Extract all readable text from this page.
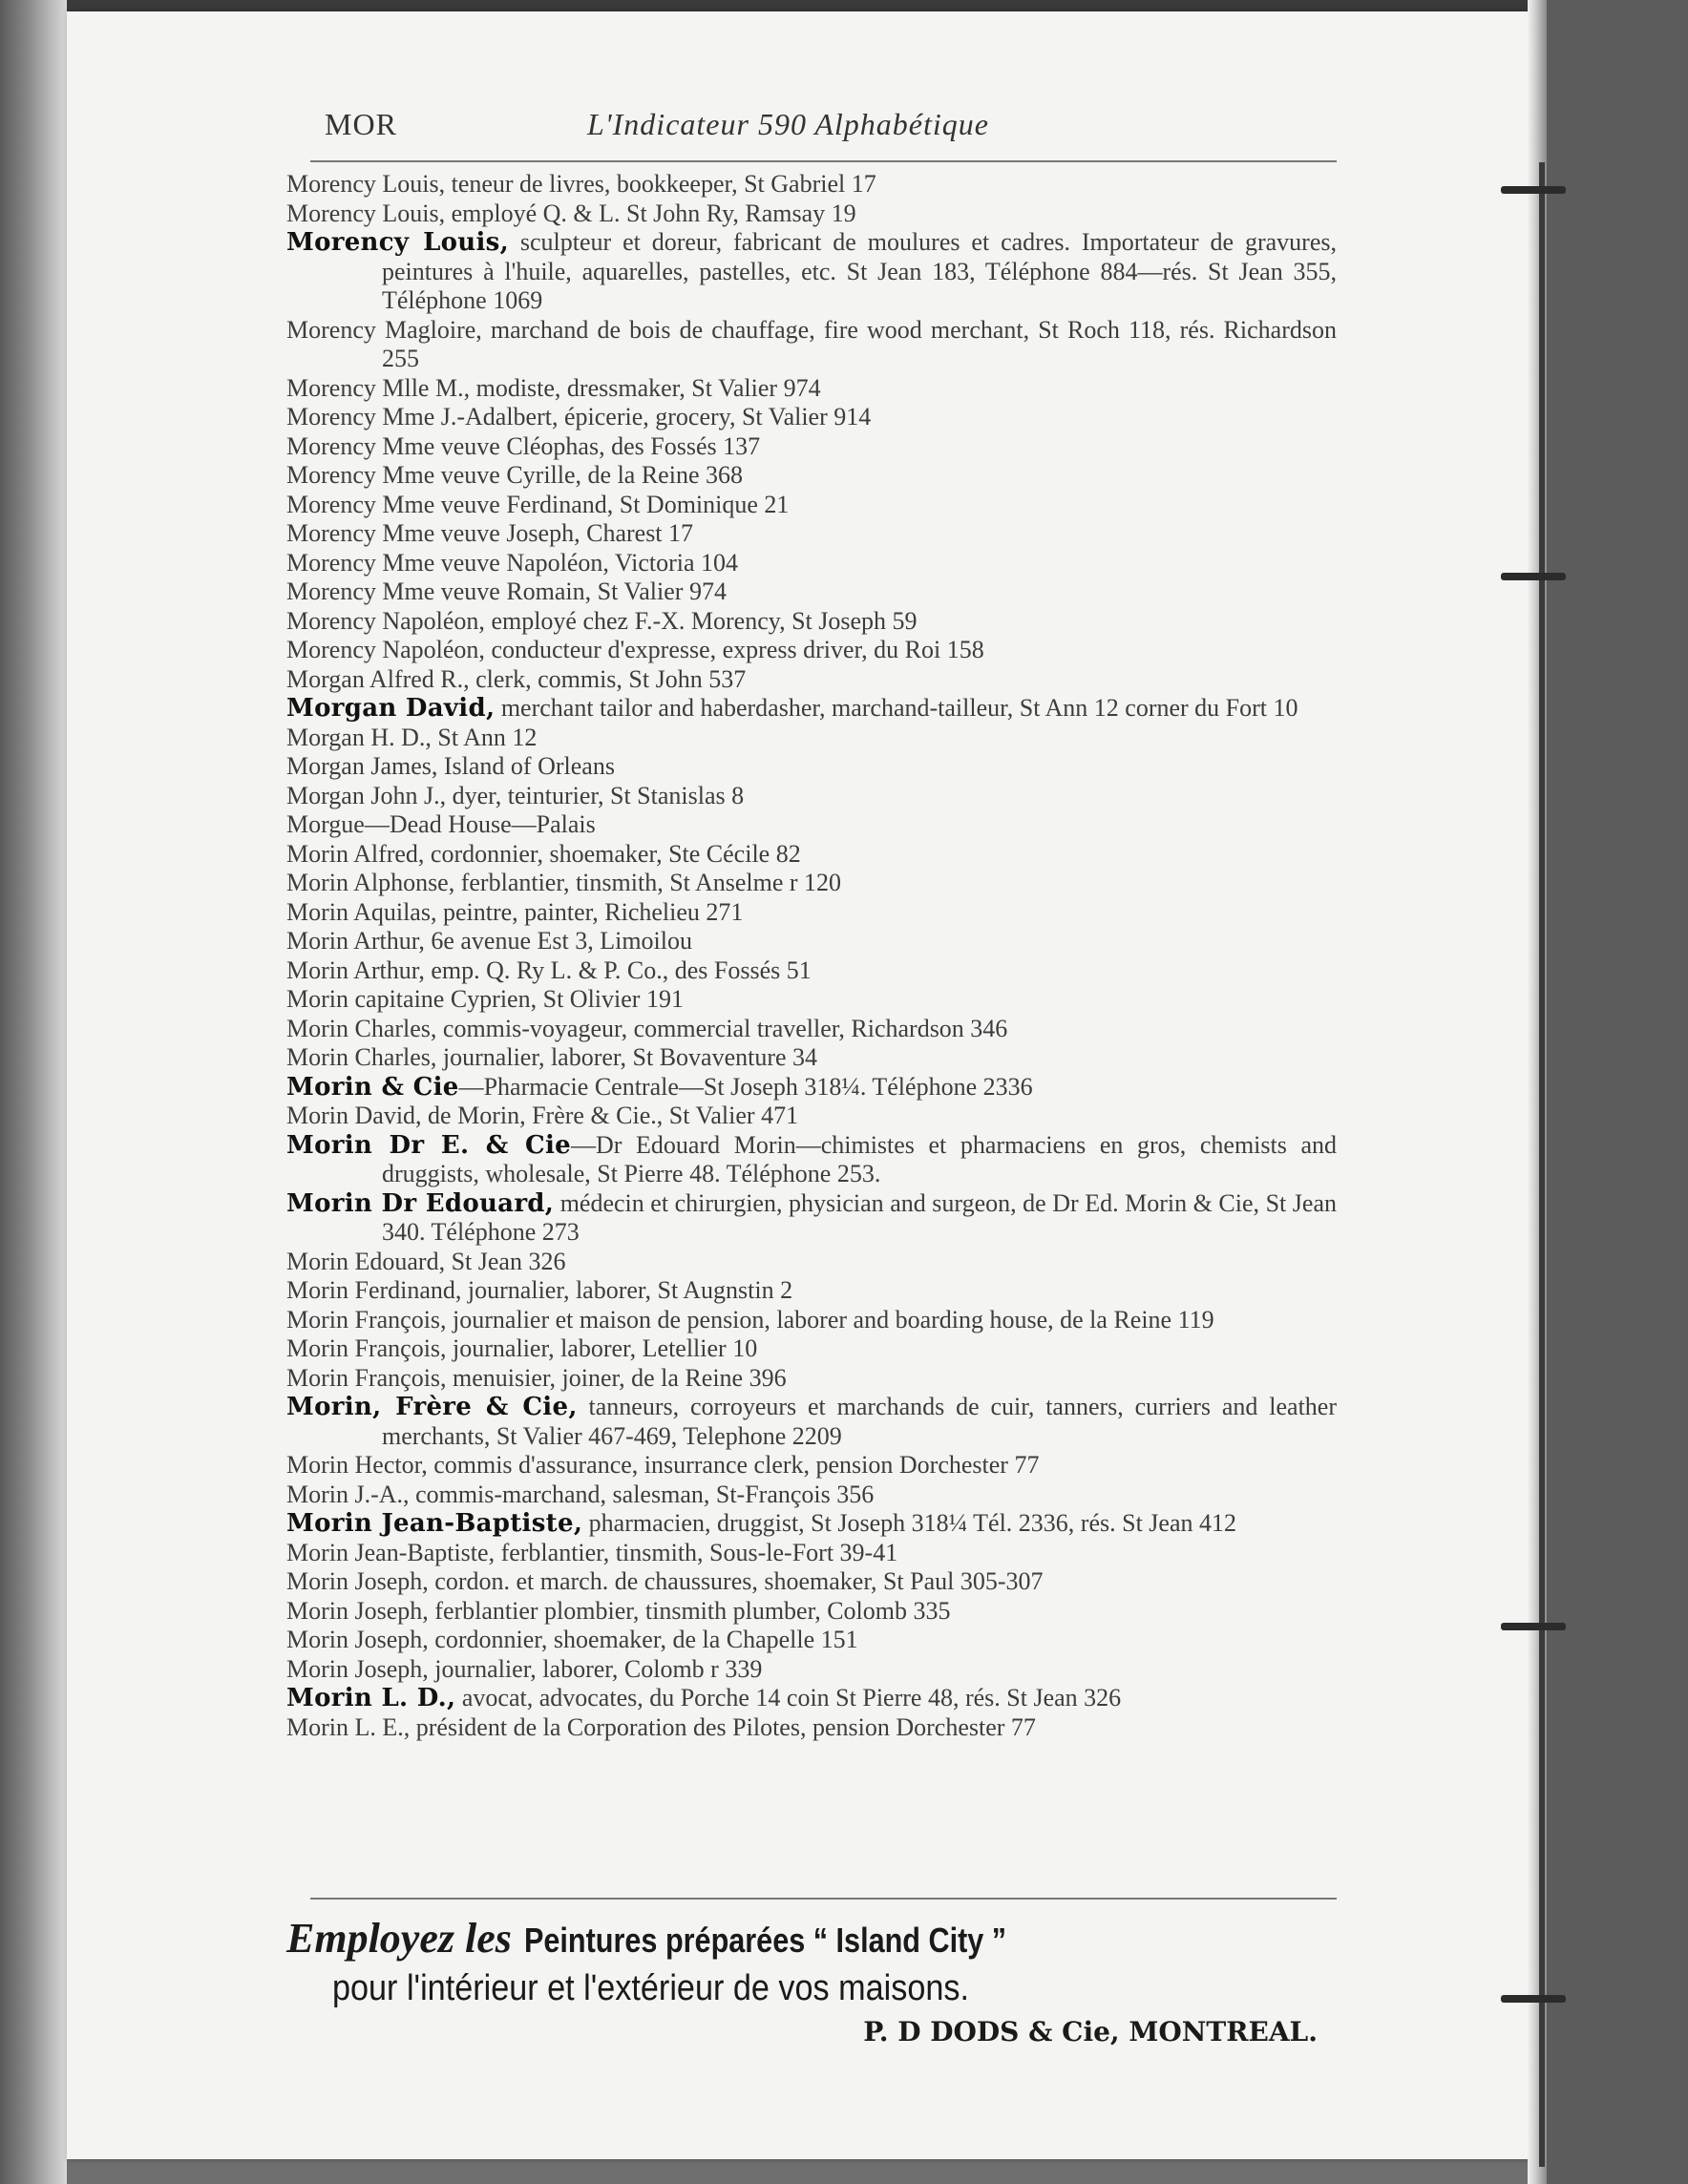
MOR	L'Indicateur 590 Alphabétique
Morency Louis, teneur de livres, bookkeeper, St Gabriel 17
Morency Louis, employé Q. & L. St John Ry, Ramsay 19
Morency Louis, sculpteur et doreur, fabricant de moulures et cadres. Importateur de gravures, peintures à l'huile, aquarelles, pastelles, etc. St Jean 183, Téléphone 884—rés. St Jean 355, Téléphone 1069
Morency Magloire, marchand de bois de chauffage, fire wood merchant, St Roch 118, rés. Richardson 255
Morency Mlle M., modiste, dressmaker, St Valier 974
Morency Mme J.-Adalbert, épicerie, grocery, St Valier 914
Morency Mme veuve Cléophas, des Fossés 137
Morency Mme veuve Cyrille, de la Reine 368
Morency Mme veuve Ferdinand, St Dominique 21
Morency Mme veuve Joseph, Charest 17
Morency Mme veuve Napoléon, Victoria 104
Morency Mme veuve Romain, St Valier 974
Morency Napoléon, employé chez F.-X. Morency, St Joseph 59
Morency Napoléon, conducteur d'expresse, express driver, du Roi 158
Morgan Alfred R., clerk, commis, St John 537
Morgan David, merchant tailor and haberdasher, marchand-tailleur, St Ann 12 corner du Fort 10
Morgan H. D., St Ann 12
Morgan James, Island of Orleans
Morgan John J., dyer, teinturier, St Stanislas 8
Morgue—Dead House—Palais
Morin Alfred, cordonnier, shoemaker, Ste Cécile 82
Morin Alphonse, ferblantier, tinsmith, St Anselme r 120
Morin Aquilas, peintre, painter, Richelieu 271
Morin Arthur, 6e avenue Est 3, Limoilou
Morin Arthur, emp. Q. Ry L. & P. Co., des Fossés 51
Morin capitaine Cyprien, St Olivier 191
Morin Charles, commis-voyageur, commercial traveller, Richardson 346
Morin Charles, journalier, laborer, St Bovaventure 34
Morin & Cie—Pharmacie Centrale—St Joseph 318¼. Téléphone 2336
Morin David, de Morin, Frère & Cie., St Valier 471
Morin Dr E. & Cie—Dr Edouard Morin—chimistes et pharmaciens en gros, chemists and druggists, wholesale, St Pierre 48. Téléphone 253.
Morin Dr Edouard, médecin et chirurgien, physician and surgeon, de Dr Ed. Morin & Cie, St Jean 340. Téléphone 273
Morin Edouard, St Jean 326
Morin Ferdinand, journalier, laborer, St Augnstin 2
Morin François, journalier et maison de pension, laborer and boarding house, de la Reine 119
Morin François, journalier, laborer, Letellier 10
Morin François, menuisier, joiner, de la Reine 396
Morin, Frère & Cie, tanneurs, corroyeurs et marchands de cuir, tanners, curriers and leather merchants, St Valier 467-469, Telephone 2209
Morin Hector, commis d'assurance, insurrance clerk, pension Dorchester 77
Morin J.-A., commis-marchand, salesman, St-François 356
Morin Jean-Baptiste, pharmacien, druggist, St Joseph 318¼ Tél. 2336, rés. St Jean 412
Morin Jean-Baptiste, ferblantier, tinsmith, Sous-le-Fort 39-41
Morin Joseph, cordon. et march. de chaussures, shoemaker, St Paul 305-307
Morin Joseph, ferblantier plombier, tinsmith plumber, Colomb 335
Morin Joseph, cordonnier, shoemaker, de la Chapelle 151
Morin Joseph, journalier, laborer, Colomb r 339
Morin L. D., avocat, advocates, du Porche 14 coin St Pierre 48, rés. St Jean 326
Morin L. E., président de la Corporation des Pilotes, pension Dorchester 77
Employez les Peintures préparées “ Island City ”
pour l'intérieur et l'extérieur de vos maisons.
P. D DODS & Cie, MONTREAL.
